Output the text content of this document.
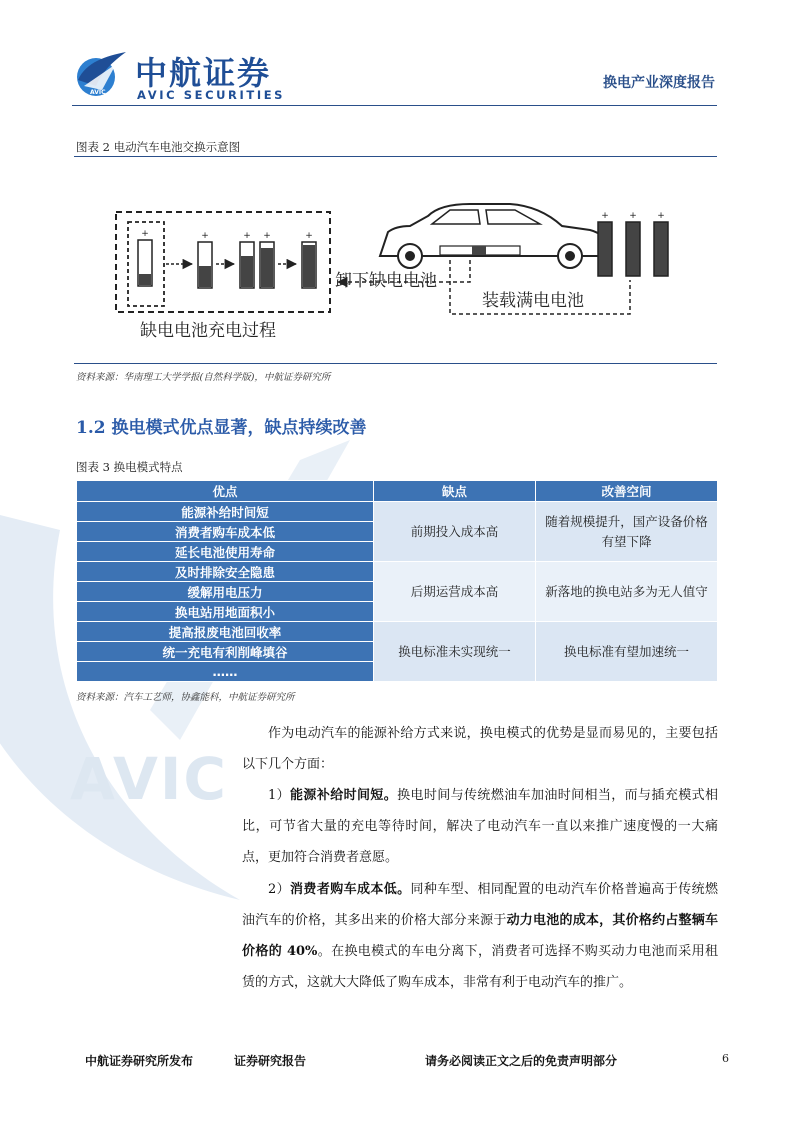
AVIC
AVIC
中航证券
AVIC SECURITIES
换电产业深度报告
图表 2 电动汽车电池交换示意图
+	+	+ +	+
卸下缺电电池
装载满电电池
缺电电池充电过程
+ + +
资料来源：华南理工大学学报(自然科学版)，中航证券研究所
1.2 换电模式优点显著，缺点持续改善
图表 3 换电模式特点
优点	缺点	改善空间
能源补给时间短	前期投入成本高	随着规模提升，国产设备价格有望下降
消费者购车成本低		
延长电池使用寿命		
及时排除安全隐患	后期运营成本高	新落地的换电站多为无人值守
缓解用电压力		
换电站用地面积小		
提高报废电池回收率	换电标准未实现统一	换电标准有望加速统一
统一充电有利削峰填谷		
……		
资料来源：汽车工艺师，协鑫能科，中航证券研究所
作为电动汽车的能源补给方式来说，换电模式的优势是显而易见的，主要包括以下几个方面：
1）能源补给时间短。换电时间与传统燃油车加油时间相当，而与插充模式相比，可节省大量的充电等待时间，解决了电动汽车一直以来推广速度慢的一大痛点，更加符合消费者意愿。
2）消费者购车成本低。同种车型、相同配置的电动汽车价格普遍高于传统燃油汽车的价格，其多出来的价格大部分来源于动力电池的成本，其价格约占整辆车价格的 40%。在换电模式的车电分离下，消费者可选择不购买动力电池而采用租赁的方式，这就大大降低了购车成本，非常有利于电动汽车的推广。
中航证券研究所发布	证券研究报告	请务必阅读正文之后的免责声明部分	6
